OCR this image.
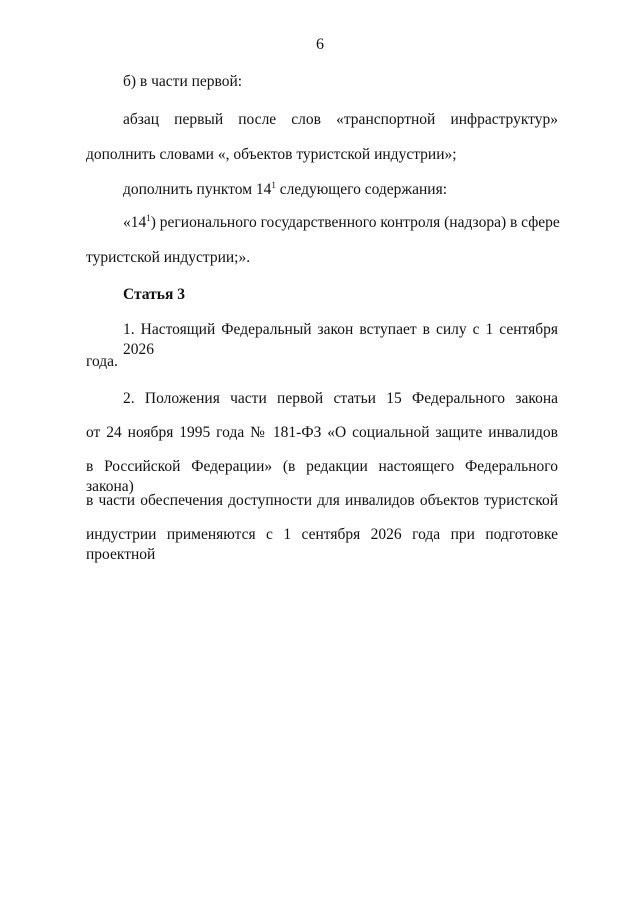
6
б) в части первой:
абзац первый после слов «транспортной инфраструктур»
дополнить словами «, объектов туристской индустрии»;
дополнить пунктом $14^1$ следующего содержания:
«$14^1$) регионального государственного контроля (надзора) в сфере
туристской индустрии;».
Статья 3
1. Настоящий Федеральный закон вступает в силу с 1 сентября 2026
года.
2. Положения части первой статьи 15 Федерального закона
от 24 ноября 1995 года № 181-ФЗ «О социальной защите инвалидов
в Российской Федерации» (в редакции настоящего Федерального закона)
в части обеспечения доступности для инвалидов объектов туристской
индустрии применяются с 1 сентября 2026 года при подготовке проектной
